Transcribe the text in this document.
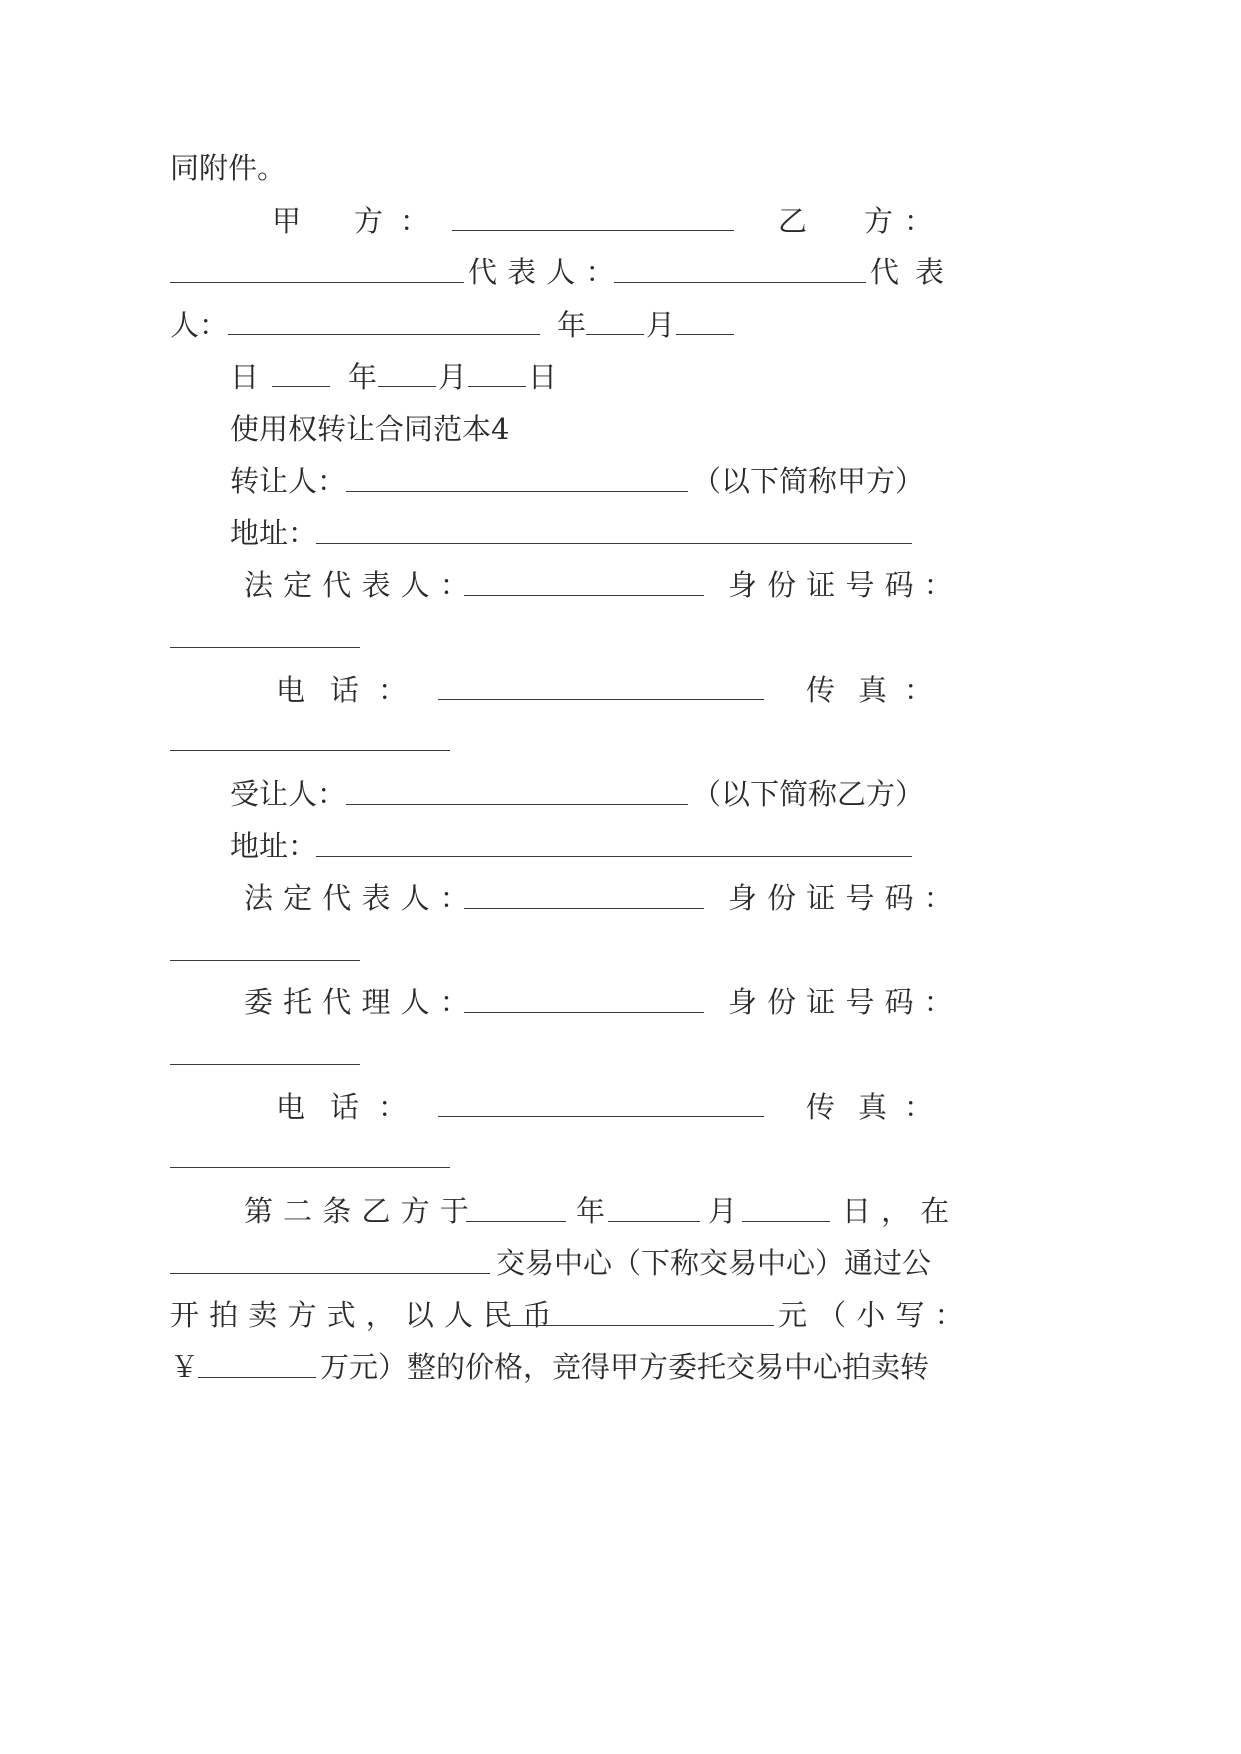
同附件。
甲 方 ：	乙 方 ：
代表人：	代表
人：	年 月
日	年 月 日
使用权转让合同范本4
转让人：	（以下简称甲方）
地址：
法定代表人：	身份证号码：
电 话 ：	传 真 ：
受让人：	（以下简称乙方）
地址：
法定代表人：	身份证号码：
委托代理人：	身份证号码：
电 话 ：	传 真 ：
第二条乙方于	年	月	日，在
交易中心（下称交易中心）通过公
开拍卖方式，以人民币	元（小写：
￥	万元）整的价格，竞得甲方委托交易中心拍卖转
